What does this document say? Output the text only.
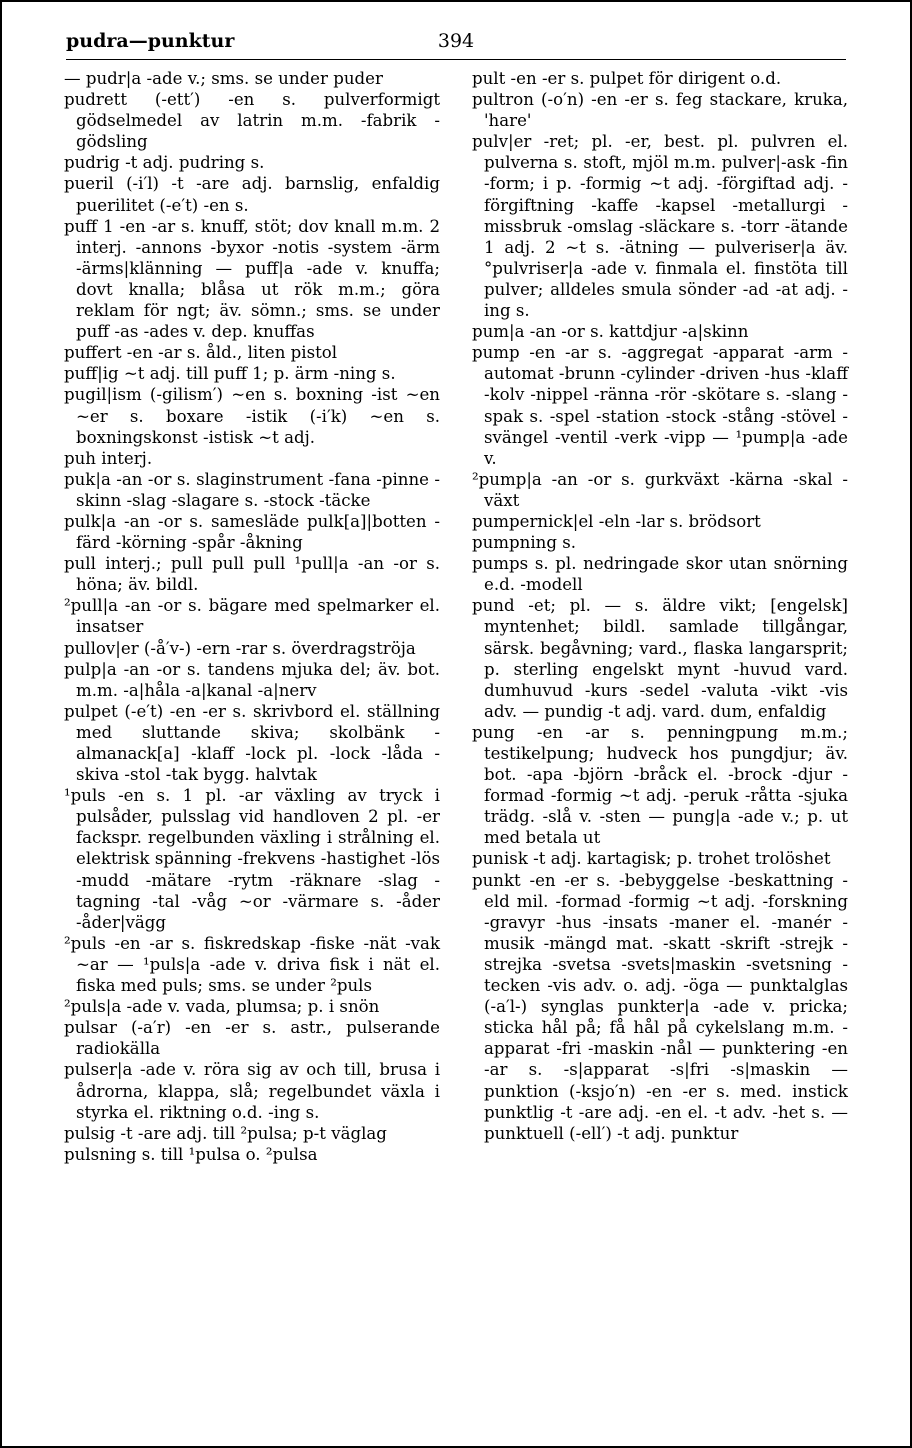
pudra—punktur	394

— pudr|a -ade v.; sms. se under puder

pudrett (-ett′) -en s. pulverformigt gödselmedel av latrin m.m. -fabrik -gödsling

pudrig -t adj. pudring s.

pueril (-i′l) -t -are adj. barnslig, enfaldig puerilitet (-e′t) -en s.

puff 1 -en -ar s. knuff, stöt; dov knall m.m. 2 interj. -annons -byxor -notis -system -ärm -ärms|klänning — puff|a -ade v. knuffa; dovt knalla; blåsa ut rök m.m.; göra reklam för ngt; äv. sömn.; sms. se under puff -as -ades v. dep. knuffas

puffert -en -ar s. åld., liten pistol

puff|ig ~t adj. till puff 1; p. ärm -ning s.

pugil|ism (-gilism′) ~en s. boxning -ist ~en ~er s. boxare -istik (-i′k) ~en s. boxningskonst -istisk ~t adj.

puh interj.

puk|a -an -or s. slaginstrument -fana -pinne -skinn -slag -slagare s. -stock -täcke

pulk|a -an -or s. samesläde pulk[a]|botten -färd -körning -spår -åkning

pull interj.; pull pull pull ¹pull|a -an -or s. höna; äv. bildl.

²pull|a -an -or s. bägare med spelmarker el. insatser

pullov|er (-å′v-) -ern -rar s. överdragströja

pulp|a -an -or s. tandens mjuka del; äv. bot. m.m. -a|håla -a|kanal -a|nerv

pulpet (-e′t) -en -er s. skrivbord el. ställning med sluttande skiva; skolbänk -almanack[a] -klaff -lock pl. -lock -låda -skiva -stol -tak bygg. halvtak

¹puls -en s. 1 pl. -ar växling av tryck i pulsåder, pulsslag vid handloven 2 pl. -er fackspr. regelbunden växling i strålning el. elektrisk spänning -frekvens -hastighet -lös -mudd -mätare -rytm -räknare -slag -tagning -tal -våg ~or -värmare s. -åder -åder|vägg

²puls -en -ar s. fiskredskap -fiske -nät -vak ~ar — ¹puls|a -ade v. driva fisk i nät el. fiska med puls; sms. se under ²puls

²puls|a -ade v. vada, plumsa; p. i snön

pulsar (-a′r) -en -er s. astr., pulserande radiokälla

pulser|a -ade v. röra sig av och till, brusa i ådrorna, klappa, slå; regelbundet växla i styrka el. riktning o.d. -ing s.

pulsig -t -are adj. till ²pulsa; p-t väglag

pulsning s. till ¹pulsa o. ²pulsa

pult -en -er s. pulpet för dirigent o.d.

pultron (-o′n) -en -er s. feg stackare, kruka, 'hare'

pulv|er -ret; pl. -er, best. pl. pulvren el. pulverna s. stoft, mjöl m.m. pulver|-ask -fin -form; i p. -formig ~t adj. -förgiftad adj. -förgiftning -kaffe -kapsel -metallurgi -missbruk -omslag -släckare s. -torr -ätande 1 adj. 2 ~t s. -ätning — pulveriser|a äv. °pulvriser|a -ade v. finmala el. finstöta till pulver; alldeles smula sönder -ad -at adj. -ing s.

pum|a -an -or s. kattdjur -a|skinn

pump -en -ar s. -aggregat -apparat -arm -automat -brunn -cylinder -driven -hus -klaff -kolv -nippel -ränna -rör -skötare s. -slang -spak s. -spel -station -stock -stång -stövel -svängel -ventil -verk -vipp — ¹pump|a -ade v.

²pump|a -an -or s. gurkväxt -kärna -skal -växt

pumpernick|el -eln -lar s. brödsort

pumpning s.

pumps s. pl. nedringade skor utan snörning e.d. -modell

pund -et; pl. — s. äldre vikt; [engelsk] myntenhet; bildl. samlade tillgångar, särsk. begåvning; vard., flaska langarsprit; p. sterling engelskt mynt -huvud vard. dumhuvud -kurs -sedel -valuta -vikt -vis adv. — pundig -t adj. vard. dum, enfaldig

pung -en -ar s. penningpung m.m.; testikelpung; hudveck hos pungdjur; äv. bot. -apa -björn -bråck el. -brock -djur -formad -formig ~t adj. -peruk -råtta -sjuka trädg. -slå v. -sten — pung|a -ade v.; p. ut med betala ut

punisk -t adj. kartagisk; p. trohet trolöshet

punkt -en -er s. -bebyggelse -beskattning -eld mil. -formad -formig ~t adj. -forskning -gravyr -hus -insats -maner el. -manér -musik -mängd mat. -skatt -skrift -strejk -strejka -svetsa -svets|maskin -svetsning -tecken -vis adv. o. adj. -öga — punktalglas (-a′l-) synglas punkter|a -ade v. pricka; sticka hål på; få hål på cykelslang m.m. -apparat -fri -maskin -nål — punktering -en -ar s. -s|apparat -s|fri -s|maskin — punktion (-ksjo′n) -en -er s. med. instick punktlig -t -are adj. -en el. -t adv. -het s. — punktuell (-ell′) -t adj. punktur
